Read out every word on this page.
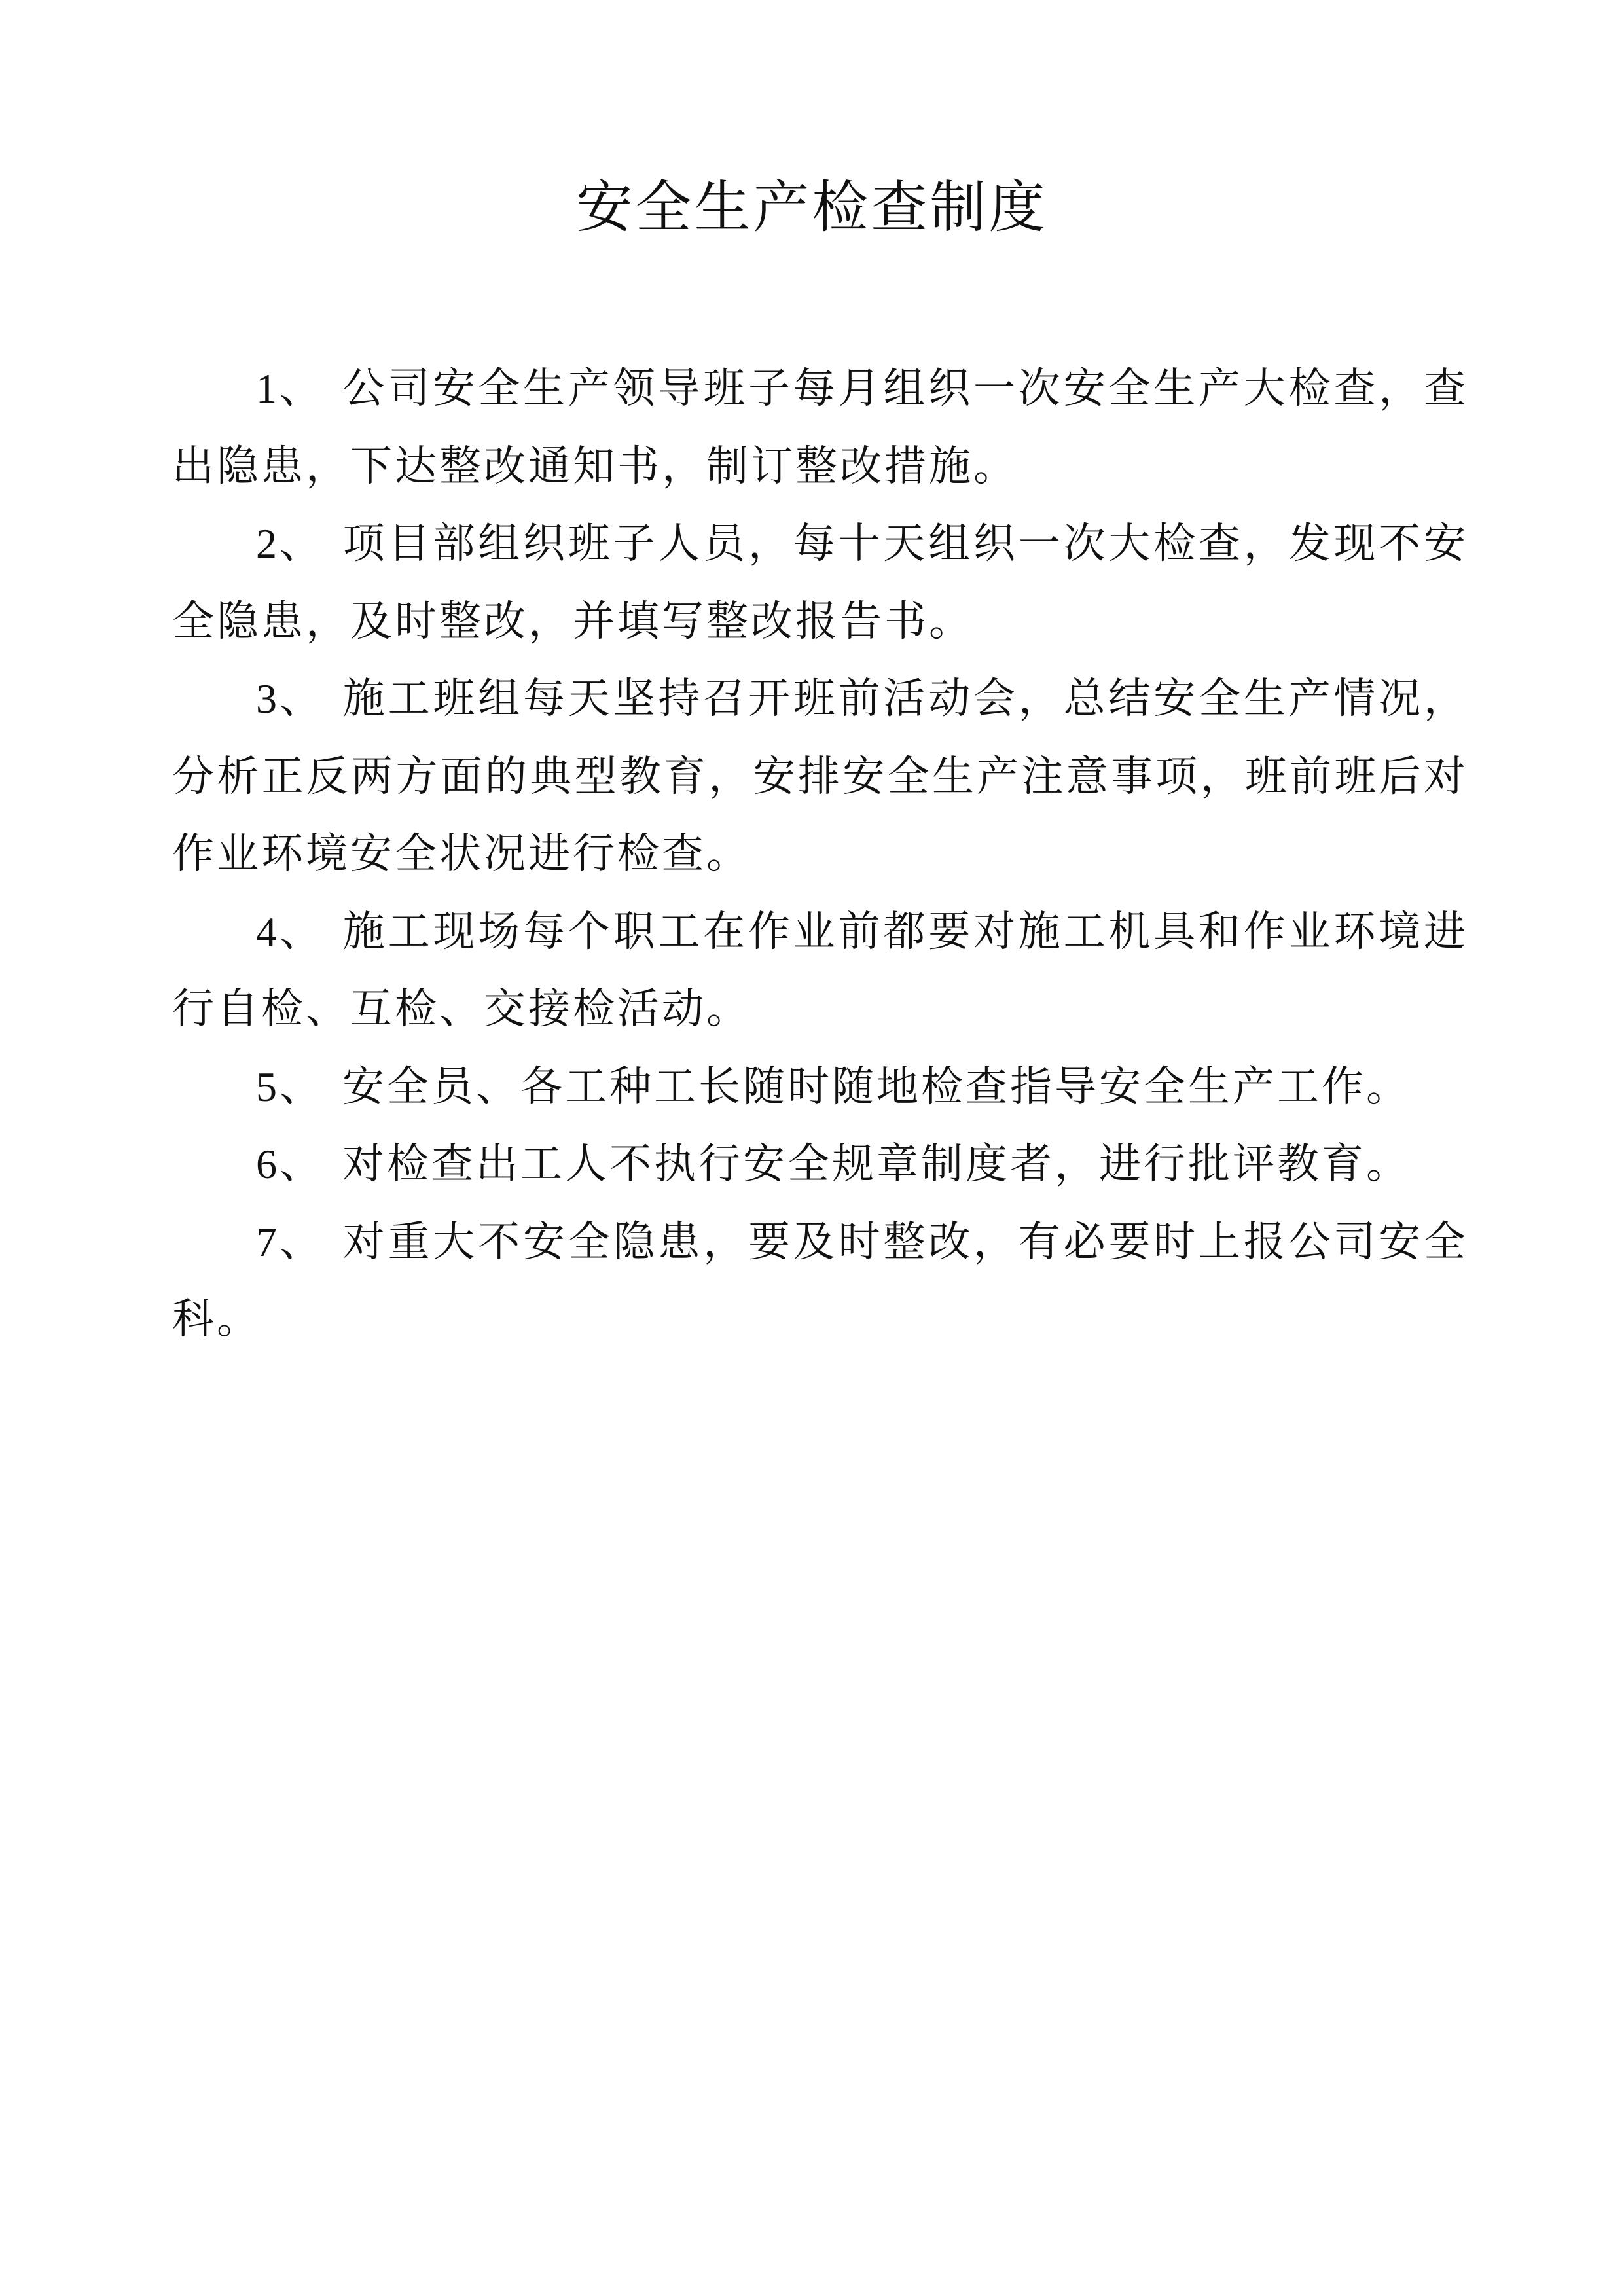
安全生产检查制度

1、 公司安全生产领导班子每月组织一次安全生产大检查，查出隐患，下达整改通知书，制订整改措施。

2、 项目部组织班子人员，每十天组织一次大检查，发现不安全隐患，及时整改，并填写整改报告书。

3、 施工班组每天坚持召开班前活动会，总结安全生产情况，分析正反两方面的典型教育，安排安全生产注意事项，班前班后对作业环境安全状况进行检查。

4、 施工现场每个职工在作业前都要对施工机具和作业环境进行自检、互检、交接检活动。

5、 安全员、各工种工长随时随地检查指导安全生产工作。

6、 对检查出工人不执行安全规章制度者，进行批评教育。

7、 对重大不安全隐患，要及时整改，有必要时上报公司安全科。
